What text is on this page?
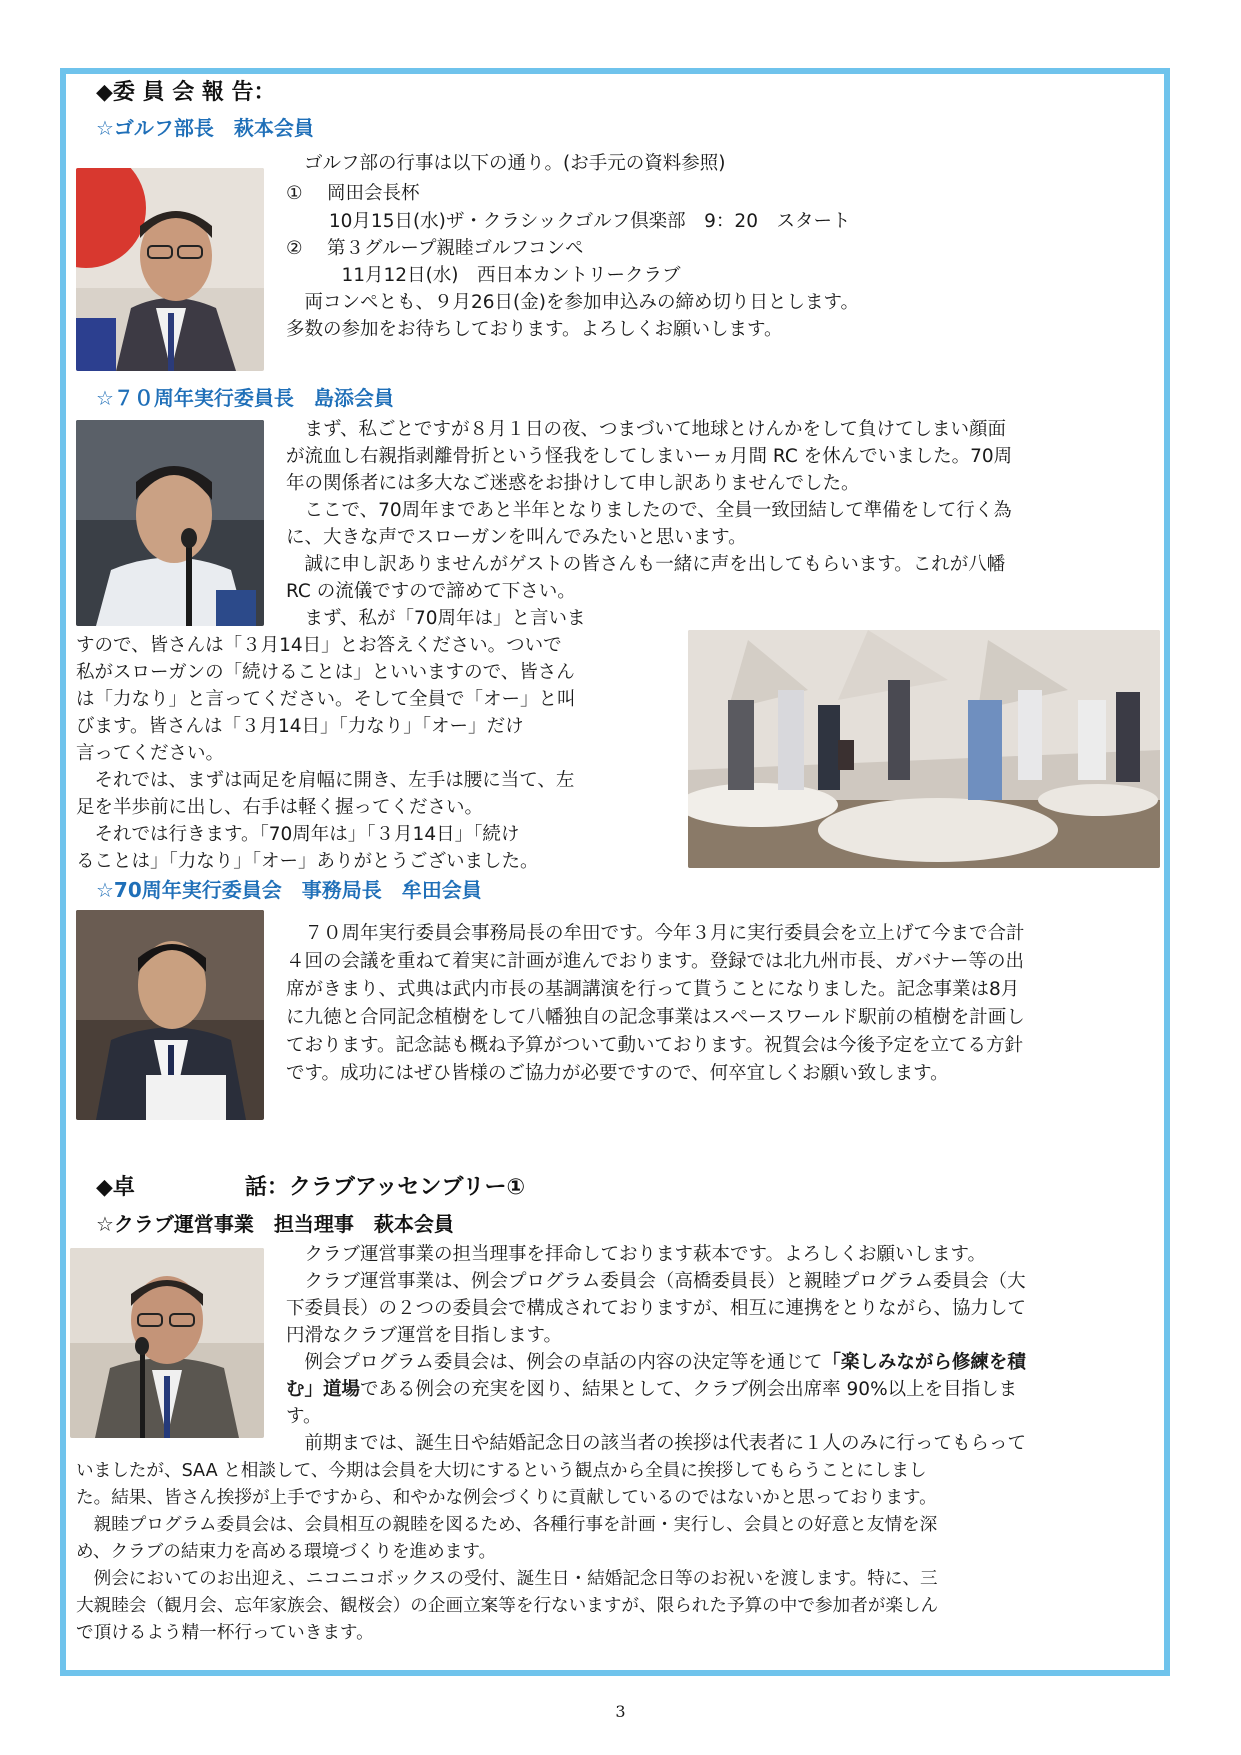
◆委 員 会 報 告：
☆ゴルフ部長　萩本会員
ゴルフ部の行事は以下の通り。(お手元の資料参照)
①　 岡田会長杯
　　 10月15日(水)ザ・クラシックゴルフ倶楽部　9：20　スタート
②　 第３グループ親睦ゴルフコンペ
　　　11月12日(水)　西日本カントリークラブ
　両コンペとも、９月26日(金)を参加申込みの締め切り日とします。
多数の参加をお待ちしております。よろしくお願いします。
☆７０周年実行委員長　島添会員
　まず、私ごとですが８月１日の夜、つまづいて地球とけんかをして負けてしまい顔面
が流血し右親指剥離骨折という怪我をしてしまいーヵ月間 RC を休んでいました。70周
年の関係者には多大なご迷惑をお掛けして申し訳ありませんでした。
　ここで、70周年まであと半年となりましたので、全員一致団結して準備をして行く為
に、大きな声でスローガンを叫んでみたいと思います。
　誠に申し訳ありませんがゲストの皆さんも一緒に声を出してもらいます。これが八幡
RC の流儀ですので諦めて下さい。
　まず、私が「70周年は」と言いま
すので、皆さんは「３月14日」とお答えください。ついで
私がスローガンの「続けることは」といいますので、皆さん
は「力なり」と言ってください。そして全員で「オー」と叫
びます。皆さんは「３月14日」「力なり」「オー」だけ
言ってください。
　それでは、まずは両足を肩幅に開き、左手は腰に当て、左
足を半歩前に出し、右手は軽く握ってください。
　それでは行きます。「70周年は」「３月14日」「続け
ることは」「力なり」「オー」ありがとうございました。
☆70周年実行委員会　事務局長　牟田会員
　７０周年実行委員会事務局長の牟田です。今年３月に実行委員会を立上げて今まで合計
４回の会議を重ねて着実に計画が進んでおります。登録では北九州市長、ガバナー等の出
席がきまり、式典は武内市長の基調講演を行って貰うことになりました。記念事業は8月
に九徳と合同記念植樹をして八幡独自の記念事業はスペースワールド駅前の植樹を計画し
ております。記念誌も概ね予算がついて動いております。祝賀会は今後予定を立てる方針
です。成功にはぜひ皆様のご協力が必要ですので、何卒宜しくお願い致します。
◆卓　　　　　話：クラブアッセンブリー①
☆クラブ運営事業　担当理事　萩本会員
　クラブ運営事業の担当理事を拝命しております萩本です。よろしくお願いします。
　クラブ運営事業は、例会プログラム委員会（高橋委員長）と親睦プログラム委員会（大
下委員長）の２つの委員会で構成されておりますが、相互に連携をとりながら、協力して
円滑なクラブ運営を目指します。
　例会プログラム委員会は、例会の卓話の内容の決定等を通じて「楽しみながら修練を積
む」道場である例会の充実を図り、結果として、クラブ例会出席率 90%以上を目指しま
す。
　前期までは、誕生日や結婚記念日の該当者の挨拶は代表者に１人のみに行ってもらって
いましたが、SAA と相談して、今期は会員を大切にするという観点から全員に挨拶してもらうことにしまし
た。結果、皆さん挨拶が上手ですから、和やかな例会づくりに貢献しているのではないかと思っております。
　親睦プログラム委員会は、会員相互の親睦を図るため、各種行事を計画・実行し、会員との好意と友情を深
め、クラブの結束力を高める環境づくりを進めます。
　例会においてのお出迎え、ニコニコボックスの受付、誕生日・結婚記念日等のお祝いを渡します。特に、三
大親睦会（観月会、忘年家族会、観桜会）の企画立案等を行ないますが、限られた予算の中で参加者が楽しん
で頂けるよう精一杯行っていきます。
3
